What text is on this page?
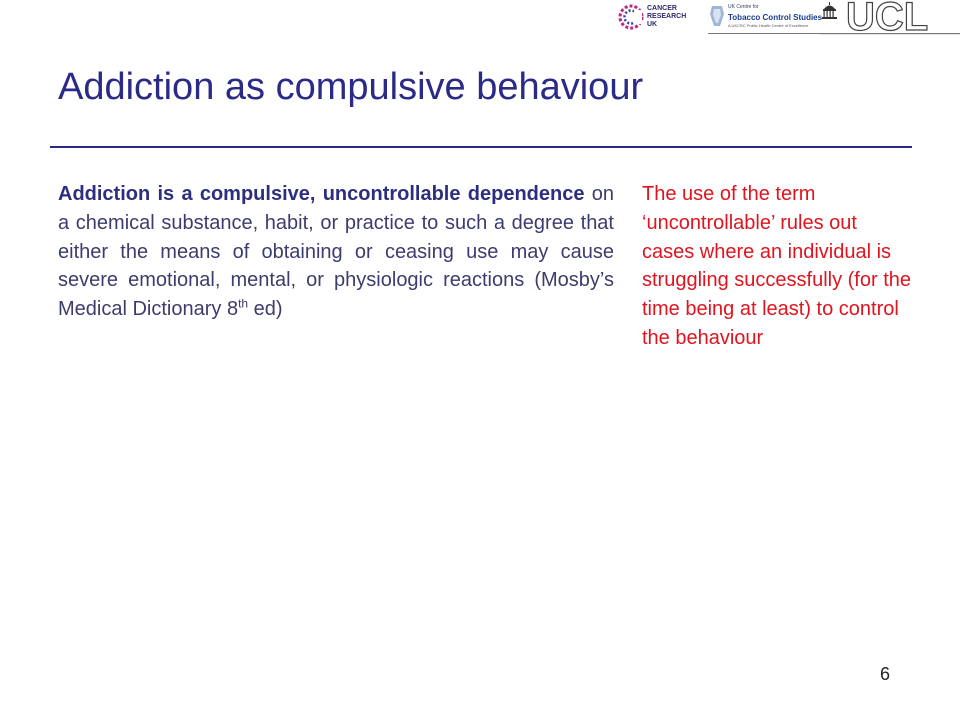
CANCER
RESEARCH
UK
UK Centre for
Tobacco Control Studies
A UKCRC Public Health Centre of Excellence UCL
Addiction as compulsive behaviour
Addiction is a compulsive, uncontrollable dependence on a chemical substance, habit, or practice to such a degree that either the means of obtaining or ceasing use may cause severe emotional, mental, or physiologic reactions (Mosby’s Medical Dictionary 8th ed)
The use of the term ‘uncontrollable’ rules out cases where an individual is struggling successfully (for the time being at least) to control the behaviour
6
